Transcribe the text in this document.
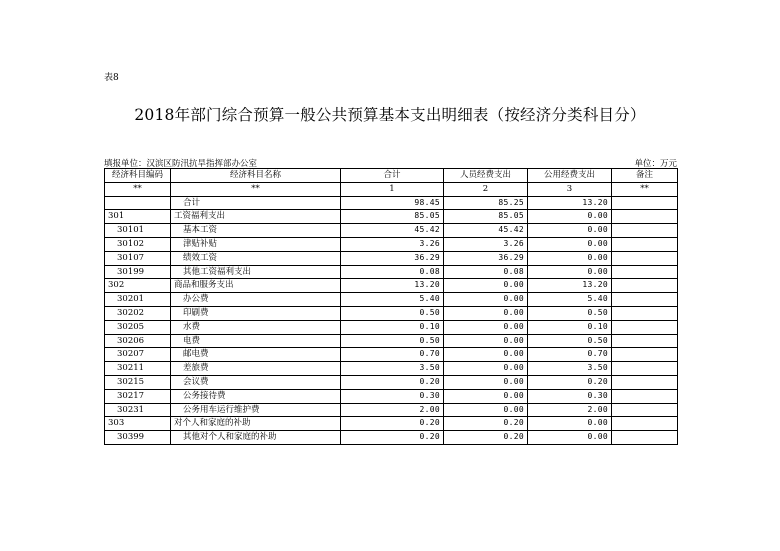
表8
2018年部门综合预算一般公共预算基本支出明细表（按经济分类科目分）
填报单位：汉滨区防汛抗旱指挥部办公室	单位：万元
经济科目编码	经济科目名称	合计	人员经费支出	公用经费支出	备注
**	**	1	2	3	**
	合计	98.45	85.25	13.20	
301	工资福利支出	85.05	85.05	0.00	
30101	基本工资	45.42	45.42	0.00	
30102	津贴补贴	3.26	3.26	0.00	
30107	绩效工资	36.29	36.29	0.00	
30199	其他工资福利支出	0.08	0.08	0.00	
302	商品和服务支出	13.20	0.00	13.20	
30201	办公费	5.40	0.00	5.40	
30202	印刷费	0.50	0.00	0.50	
30205	水费	0.10	0.00	0.10	
30206	电费	0.50	0.00	0.50	
30207	邮电费	0.70	0.00	0.70	
30211	差旅费	3.50	0.00	3.50	
30215	会议费	0.20	0.00	0.20	
30217	公务接待费	0.30	0.00	0.30	
30231	公务用车运行维护费	2.00	0.00	2.00	
303	对个人和家庭的补助	0.20	0.20	0.00	
30399	其他对个人和家庭的补助	0.20	0.20	0.00	
